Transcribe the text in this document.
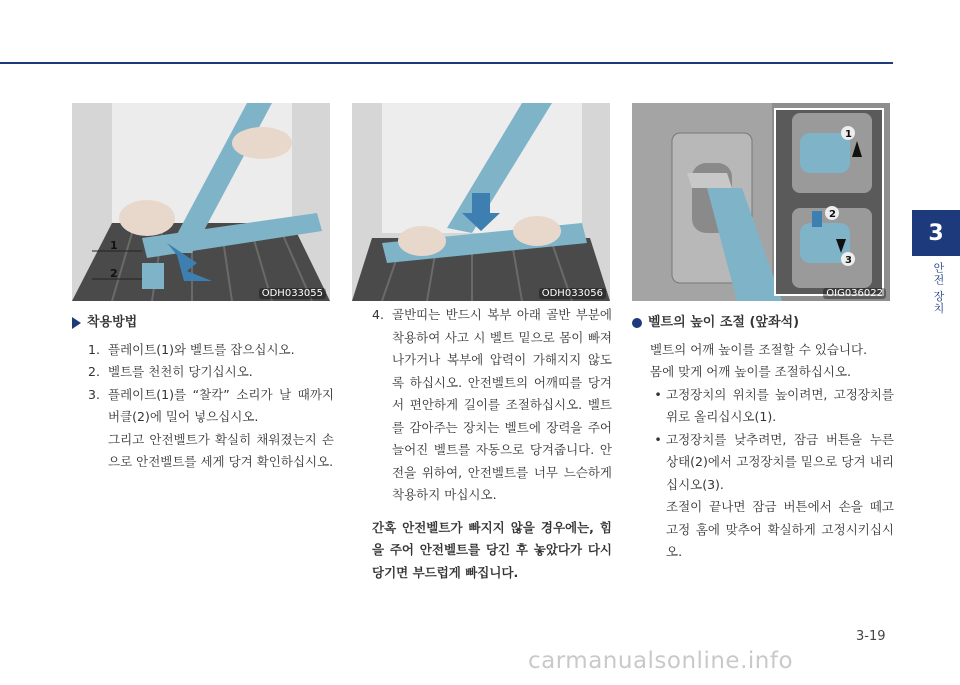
3
안전 장치
1
2
ODH033055	ODH033056
1
2
3
OIG036022
착용방법
1. 플레이트(1)와 벨트를 잡으십시오.
2. 벨트를 천천히 당기십시오.
3. 플레이트(1)를 “찰칵” 소리가 날 때까지 버클(2)에 밀어 넣으십시오.
그리고 안전벨트가 확실히 채워졌는지 손으로 안전벨트를 세게 당겨 확인하십시오.
4. 골반띠는 반드시 복부 아래 골반 부분에 착용하여 사고 시 벨트 밑으로 몸이 빠져나가거나 복부에 압력이 가해지지 않도록 하십시오. 안전벨트의 어깨띠를 당겨서 편안하게 길이를 조절하십시오. 벨트를 감아주는 장치는 벨트에 장력을 주어 늘어진 벨트를 자동으로 당겨줍니다. 안전을 위하여, 안전벨트를 너무 느슨하게 착용하지 마십시오.

간혹 안전벨트가 빠지지 않을 경우에는, 힘을 주어 안전벨트를 당긴 후 놓았다가 다시 당기면 부드럽게 빠집니다.

벨트의 높이 조절 (앞좌석)

벨트의 어깨 높이를 조절할 수 있습니다.

몸에 맞게 어깨 높이를 조절하십시오.

• 고정장치의 위치를 높이려면, 고정장치를 위로 올리십시오(1).
• 고정장치를 낮추려면, 잠금 버튼을 누른 상태(2)에서 고정장치를 밑으로 당겨 내리십시오(3).

조절이 끝나면 잠금 버튼에서 손을 떼고 고정 홈에 맞추어 확실하게 고정시키십시오.

3-19
carmanualsonline.info
